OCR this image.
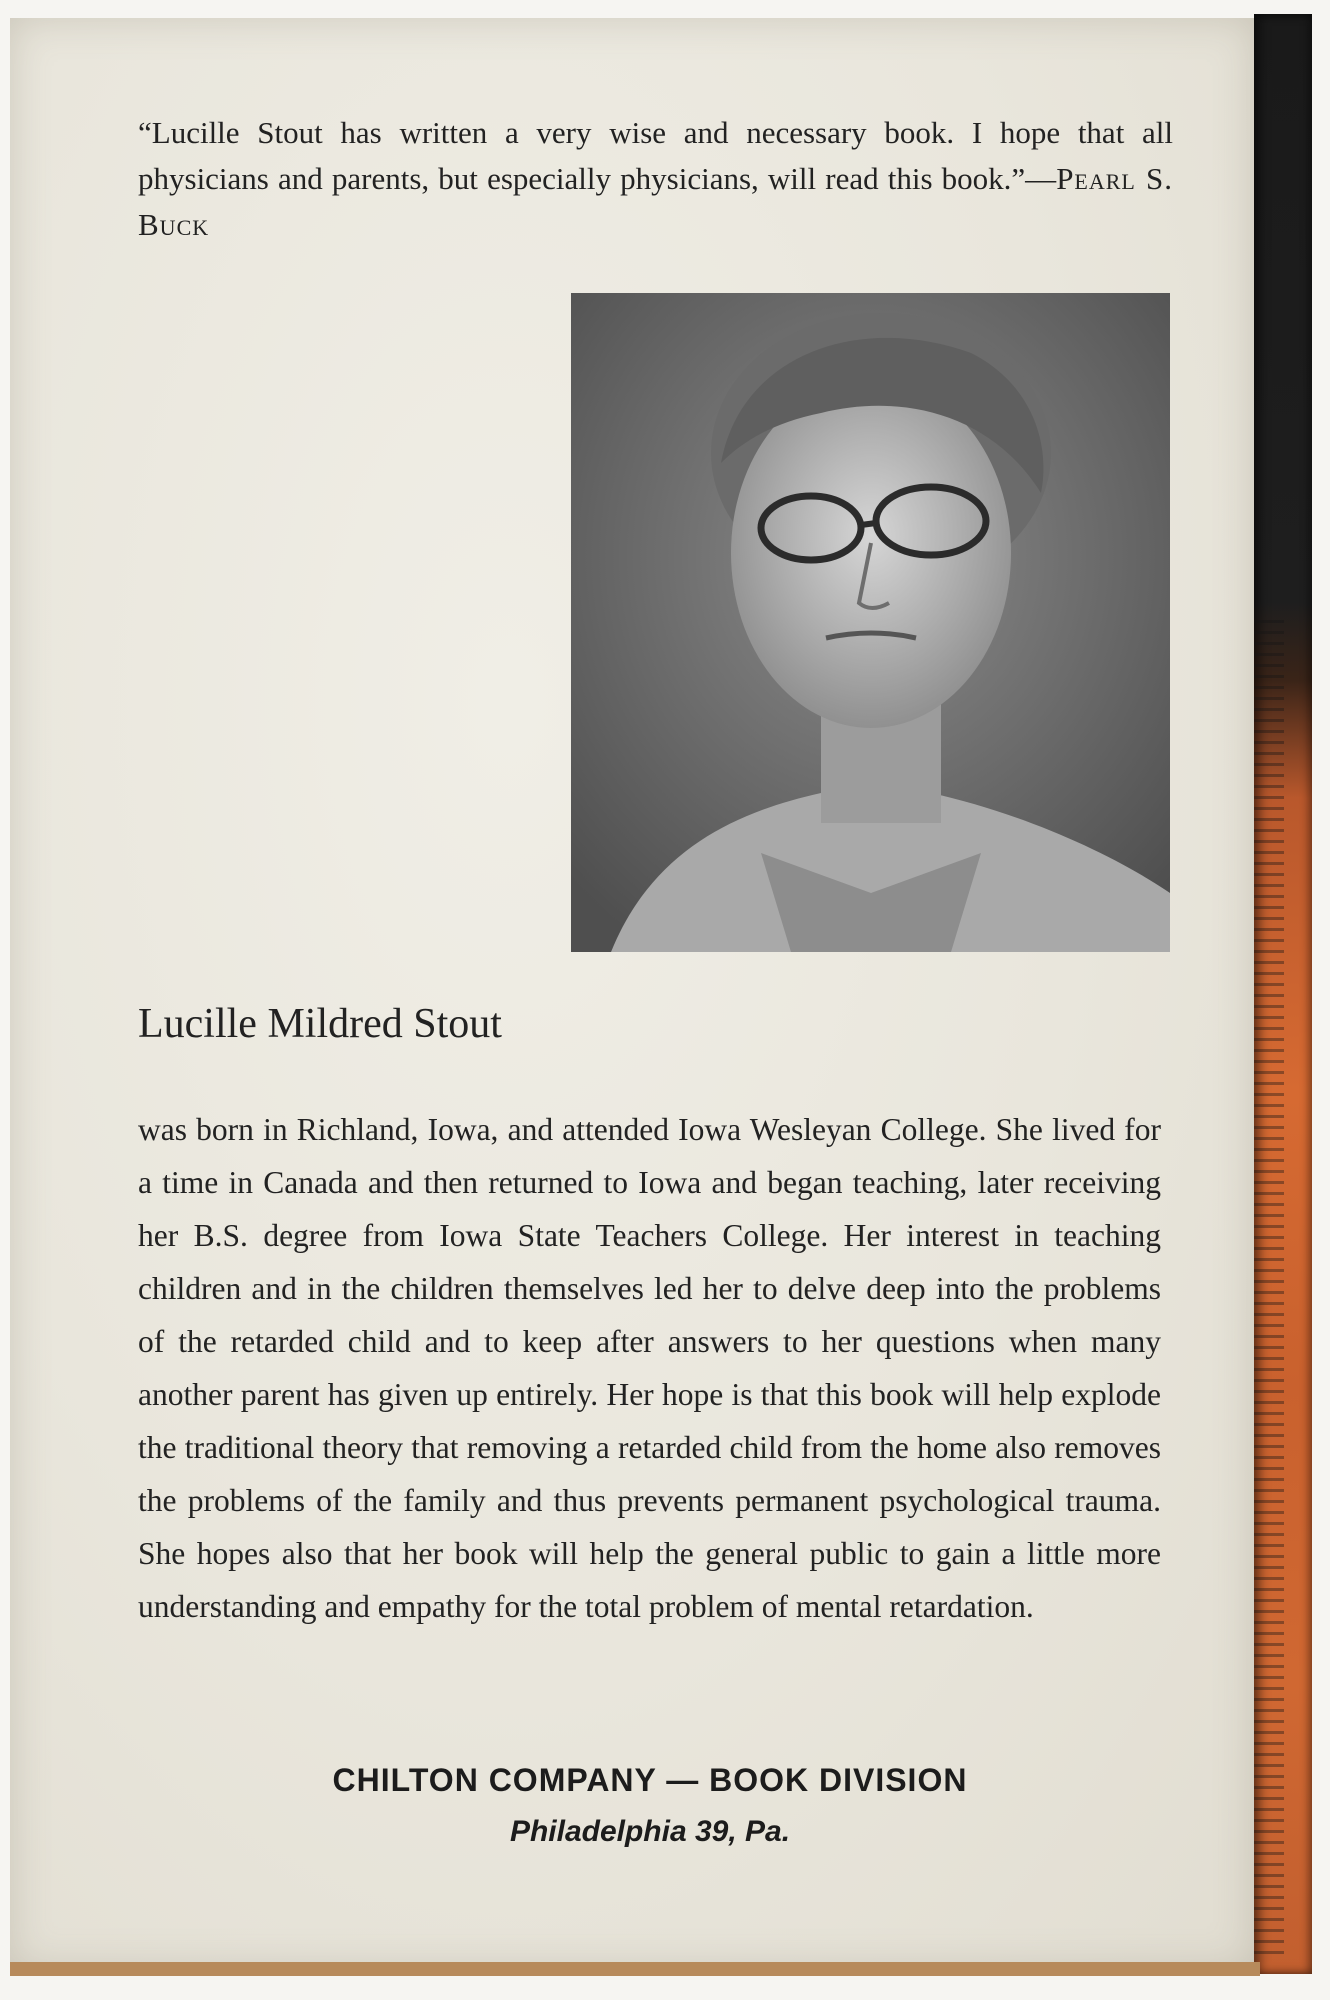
“Lucille Stout has written a very wise and necessary book. I hope that all physicians and parents, but especially physicians, will read this book.”—Pearl S. Buck

Lucille Mildred Stout

was born in Richland, Iowa, and attended Iowa Wesleyan College. She lived for a time in Canada and then returned to Iowa and began teaching, later receiving her B.S. degree from Iowa State Teachers College. Her interest in teaching children and in the children themselves led her to delve deep into the problems of the retarded child and to keep after answers to her questions when many another parent has given up entirely. Her hope is that this book will help explode the traditional theory that removing a retarded child from the home also removes the problems of the family and thus prevents permanent psychological trauma. She hopes also that her book will help the general public to gain a little more understanding and empathy for the total problem of mental retardation.

CHILTON COMPANY — BOOK DIVISION

Philadelphia 39, Pa.
